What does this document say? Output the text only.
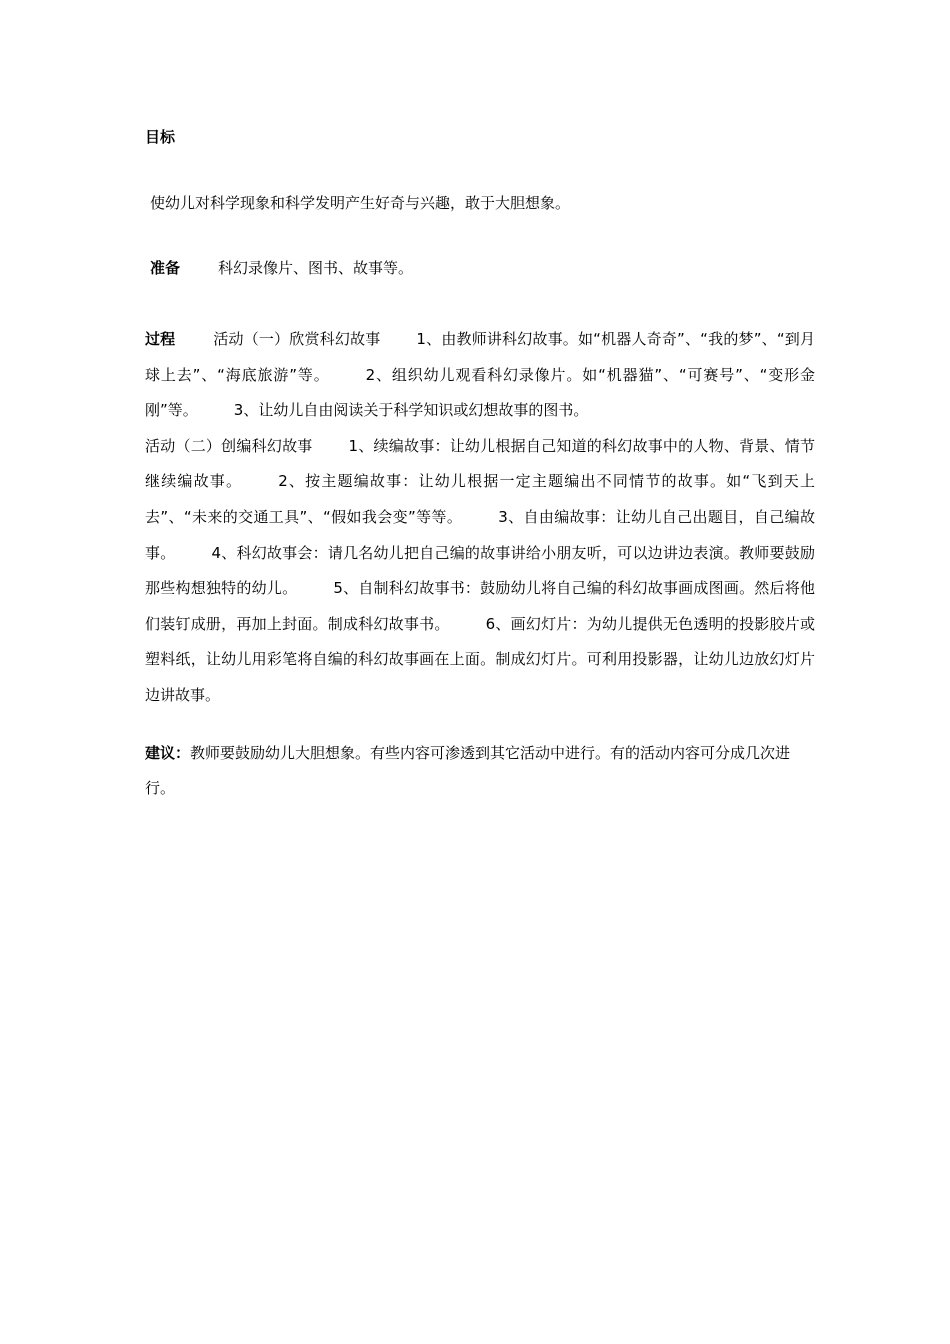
目标
使幼儿对科学现象和科学发明产生好奇与兴趣，敢于大胆想象。
准备	科幻录像片、图书、故事等。
过程	活动（一）欣赏科幻故事 1、由教师讲科幻故事。如“机器人奇奇”、“我的梦”、“到月球上去”、“海底旅游”等。 2、组织幼儿观看科幻录像片。如“机器猫”、“可赛号”、“变形金刚”等。 3、让幼儿自由阅读关于科学知识或幻想故事的图书。
活动（二）创编科幻故事 1、续编故事：让幼儿根据自己知道的科幻故事中的人物、背景、情节继续编故事。 2、按主题编故事：让幼儿根据一定主题编出不同情节的故事。如“飞到天上去”、“未来的交通工具”、“假如我会变”等等。 3、自由编故事：让幼儿自己出题目，自己编故事。 4、科幻故事会：请几名幼儿把自己编的故事讲给小朋友听，可以边讲边表演。教师要鼓励那些构想独特的幼儿。 5、自制科幻故事书：鼓励幼儿将自己编的科幻故事画成图画。然后将他们装钉成册，再加上封面。制成科幻故事书。 6、画幻灯片：为幼儿提供无色透明的投影胶片或塑料纸，让幼儿用彩笔将自编的科幻故事画在上面。制成幻灯片。可利用投影器，让幼儿边放幻灯片边讲故事。
建议：教师要鼓励幼儿大胆想象。有些内容可渗透到其它活动中进行。有的活动内容可分成几次进行。
